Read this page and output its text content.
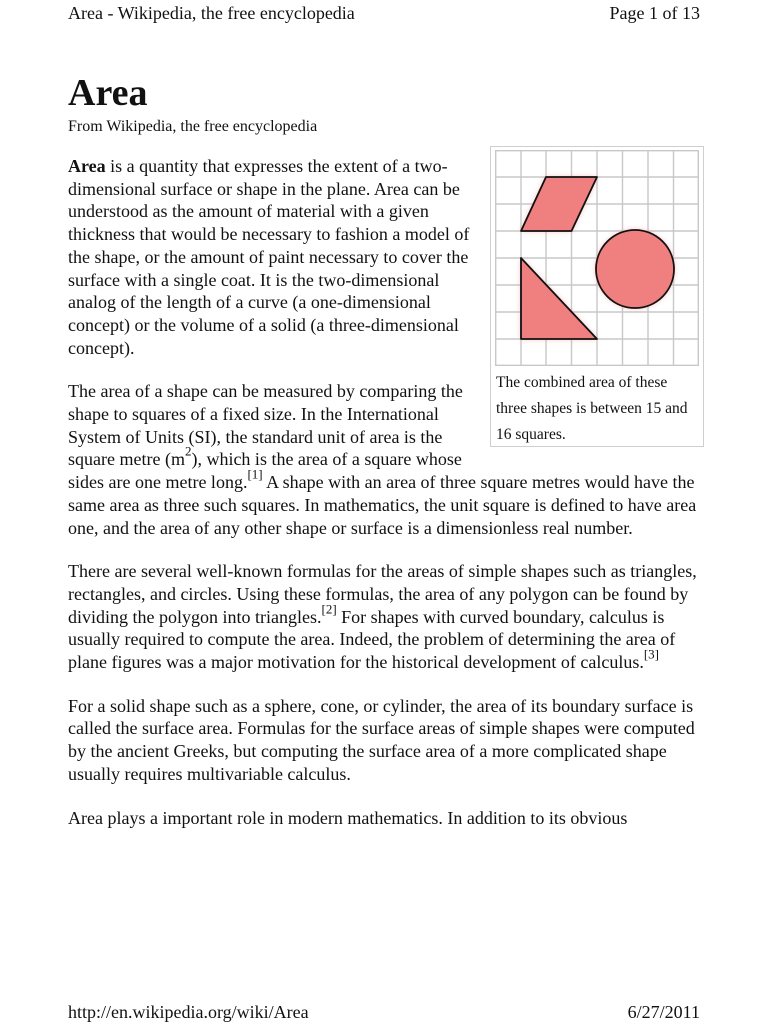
Area - Wikipedia, the free encyclopedia	Page 1 of 13
Area
From Wikipedia, the free encyclopedia
The combined area of these three shapes is between 15 and 16 squares.

Area is a quantity that expresses the extent of a two-dimensional surface or shape in the plane. Area can be understood as the amount of material with a given thickness that would be necessary to fashion a model of the shape, or the amount of paint necessary to cover the surface with a single coat. It is the two-dimensional analog of the length of a curve (a one-dimensional concept) or the volume of a solid (a three-dimensional concept).

The area of a shape can be measured by comparing the shape to squares of a fixed size. In the International System of Units (SI), the standard unit of area is the square metre $(m^2)$, which is the area of a square whose sides are one metre long.[1] A shape with an area of three square metres would have the same area as three such squares. In mathematics, the unit square is defined to have area one, and the area of any other shape or surface is a dimensionless real number.

There are several well-known formulas for the areas of simple shapes such as triangles, rectangles, and circles. Using these formulas, the area of any polygon can be found by dividing the polygon into triangles.[2] For shapes with curved boundary, calculus is usually required to compute the area. Indeed, the problem of determining the area of plane figures was a major motivation for the historical development of calculus.[3]

For a solid shape such as a sphere, cone, or cylinder, the area of its boundary surface is called the surface area. Formulas for the surface areas of simple shapes were computed by the ancient Greeks, but computing the surface area of a more complicated shape usually requires multivariable calculus.

Area plays a important role in modern mathematics. In addition to its obvious

http://en.wikipedia.org/wiki/Area	6/27/2011
